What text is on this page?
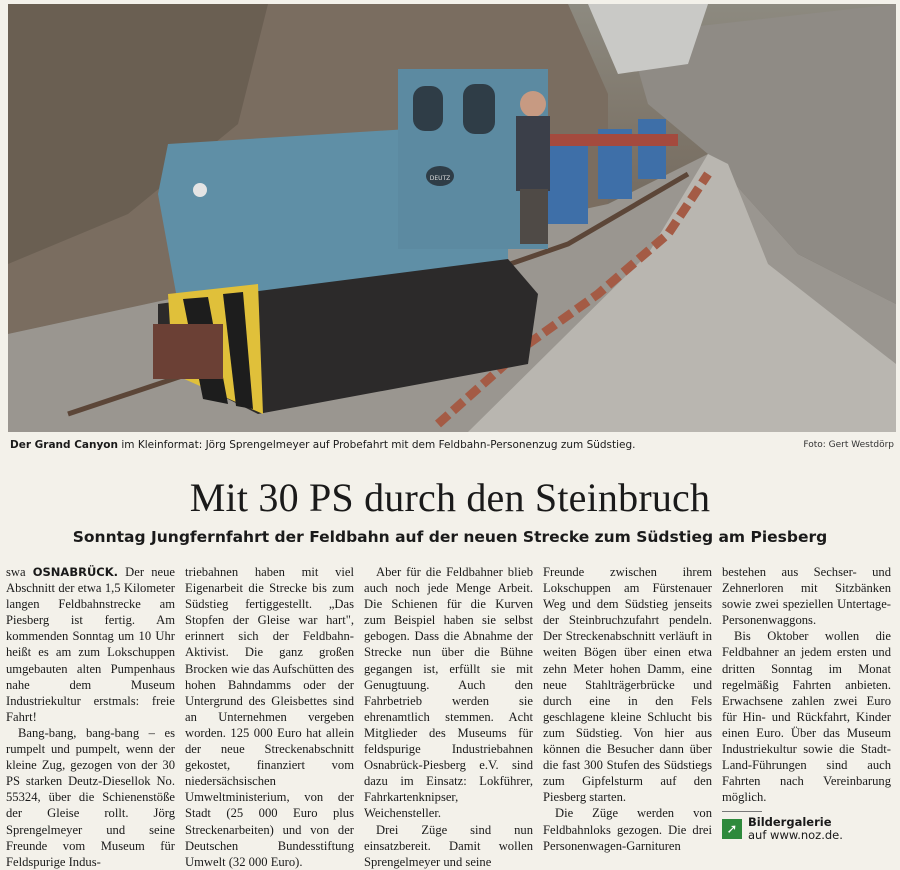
DEUTZ
Der Grand Canyon im Kleinformat: Jörg Sprengelmeyer auf Probefahrt mit dem Feldbahn-Personenzug zum Südstieg.	Foto: Gert Westdörp
Mit 30 PS durch den Steinbruch
Sonntag Jungfernfahrt der Feldbahn auf der neuen Strecke zum Südstieg am Piesberg

swa OSNABRÜCK. Der neue Abschnitt der etwa 1,5 Kilometer langen Feldbahnstrecke am Piesberg ist fertig. Am kommenden Sonntag um 10 Uhr heißt es am zum Lokschuppen umgebauten alten Pumpenhaus nahe dem Museum Industriekultur erstmals: freie Fahrt!

Bang-bang, bang-bang – es rumpelt und pumpelt, wenn der kleine Zug, gezogen von der 30 PS starken Deutz-Diesellok No. 55324, über die Schienenstöße der Gleise rollt. Jörg Sprengelmeyer und seine Freunde vom Museum für Feldspurige Indus-

triebahnen haben mit viel Eigenarbeit die Strecke bis zum Südstieg fertiggestellt. „Das Stopfen der Gleise war hart", erinnert sich der Feldbahn-Aktivist. Die ganz großen Brocken wie das Aufschütten des hohen Bahndamms oder der Untergrund des Gleisbettes sind an Unternehmen vergeben worden. 125 000 Euro hat allein der neue Streckenabschnitt gekostet, finanziert vom niedersächsischen Umweltministerium, von der Stadt (25 000 Euro plus Streckenarbeiten) und von der Deutschen Bundesstiftung Umwelt (32 000 Euro).

Aber für die Feldbahner blieb auch noch jede Menge Arbeit. Die Schienen für die Kurven zum Beispiel haben sie selbst gebogen. Dass die Abnahme der Strecke nun über die Bühne gegangen ist, erfüllt sie mit Genugtuung. Auch den Fahrbetrieb werden sie ehrenamtlich stemmen. Acht Mitglieder des Museums für feldspurige Industriebahnen Osnabrück-Piesberg e.V. sind dazu im Einsatz: Lokführer, Fahrkartenknipser, Weichensteller.

Drei Züge sind nun einsatzbereit. Damit wollen Sprengelmeyer und seine

Freunde zwischen ihrem Lokschuppen am Fürstenauer Weg und dem Südstieg jenseits der Steinbruchzufahrt pendeln. Der Streckenabschnitt verläuft in weiten Bögen über einen etwa zehn Meter hohen Damm, eine neue Stahlträgerbrücke und durch eine in den Fels geschlagene kleine Schlucht bis zum Südstieg. Von hier aus können die Besucher dann über die fast 300 Stufen des Südstiegs zum Gipfelsturm auf den Piesberg starten.

Die Züge werden von Feldbahnloks gezogen. Die drei Personenwagen-Garnituren

bestehen aus Sechser- und Zehnerloren mit Sitzbänken sowie zwei speziellen Untertage-Personenwaggons.

Bis Oktober wollen die Feldbahner an jedem ersten und dritten Sonntag im Monat regelmäßig Fahrten anbieten. Erwachsene zahlen zwei Euro für Hin- und Rückfahrt, Kinder einen Euro. Über das Museum Industriekultur sowie die Stadt-Land-Führungen sind auch Fahrten nach Vereinbarung möglich.

➚ Bildergalerie
auf www.noz.de.
